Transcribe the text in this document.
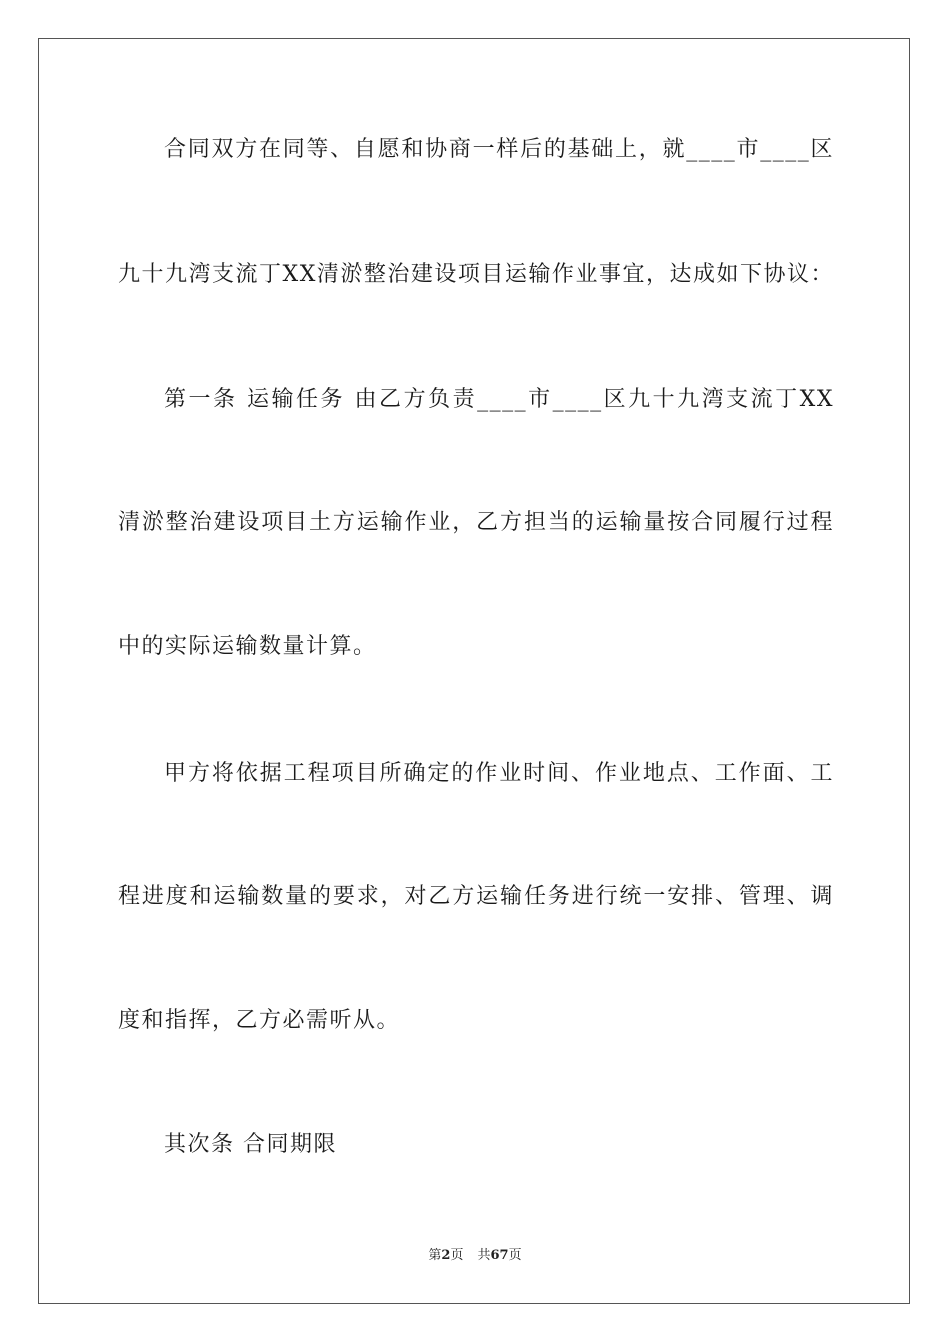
合同双方在同等、自愿和协商一样后的基础上，就____市____区
九十九湾支流丁XX清淤整治建设项目运输作业事宜，达成如下协议：
第一条 运输任务 由乙方负责____市____区九十九湾支流丁XX
清淤整治建设项目土方运输作业，乙方担当的运输量按合同履行过程
中的实际运输数量计算。
甲方将依据工程项目所确定的作业时间、作业地点、工作面、工
程进度和运输数量的要求，对乙方运输任务进行统一安排、管理、调
度和指挥，乙方必需听从。
其次条 合同期限
第2页 共67页
